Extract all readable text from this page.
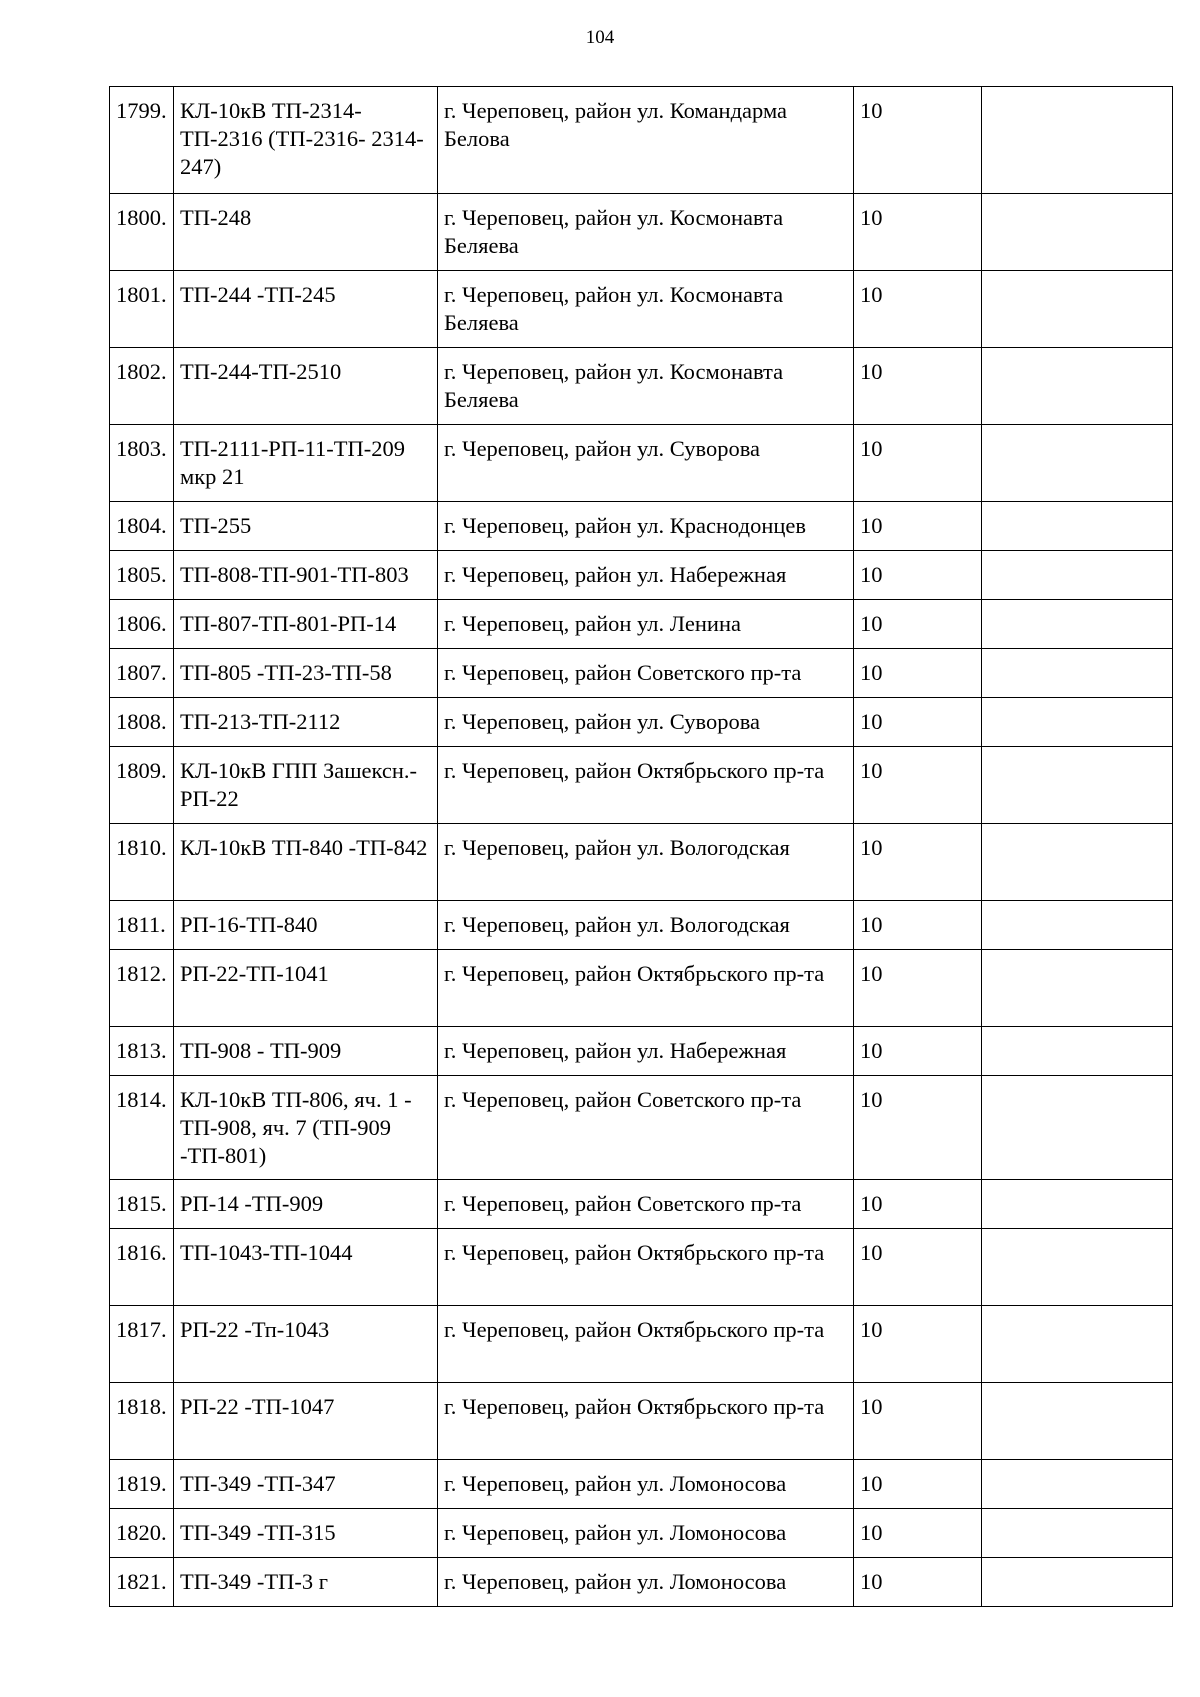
104
1799.	КЛ-10кВ ТП-2314-ТП-2316 (ТП-2316- 2314-247)	г. Череповец, район ул. Командарма Белова	10	
1800.	ТП-248	г. Череповец, район ул. Космонавта Беляева	10	
1801.	ТП-244 -ТП-245	г. Череповец, район ул. Космонавта Беляева	10	
1802.	ТП-244-ТП-2510	г. Череповец, район ул. Космонавта Беляева	10	
1803.	ТП-2111-РП-11-ТП-209 мкр 21	г. Череповец, район ул. Суворова	10	
1804.	ТП-255	г. Череповец, район ул. Краснодонцев	10	
1805.	ТП-808-ТП-901-ТП-803	г. Череповец, район ул. Набережная	10	
1806.	ТП-807-ТП-801-РП-14	г. Череповец, район ул. Ленина	10	
1807.	ТП-805 -ТП-23-ТП-58	г. Череповец, район Советского пр-та	10	
1808.	ТП-213-ТП-2112	г. Череповец, район ул. Суворова	10	
1809.	КЛ-10кВ ГПП Зашексн.-РП-22	г. Череповец, район Октябрьского пр-та	10	
1810.	КЛ-10кВ ТП-840 -ТП-842	г. Череповец, район ул. Вологодская	10	
1811.	РП-16-ТП-840	г. Череповец, район ул. Вологодская	10	
1812.	РП-22-ТП-1041	г. Череповец, район Октябрьского пр-та	10	
1813.	ТП-908 - ТП-909	г. Череповец, район ул. Набережная	10	
1814.	КЛ-10кВ ТП-806, яч. 1 - ТП-908, яч. 7 (ТП-909 -ТП-801)	г. Череповец, район Советского пр-та	10	
1815.	РП-14 -ТП-909	г. Череповец, район Советского пр-та	10	
1816.	ТП-1043-ТП-1044	г. Череповец, район Октябрьского пр-та	10	
1817.	РП-22 -Тп-1043	г. Череповец, район Октябрьского пр-та	10	
1818.	РП-22 -ТП-1047	г. Череповец, район Октябрьского пр-та	10	
1819.	ТП-349 -ТП-347	г. Череповец, район ул. Ломоносова	10	
1820.	ТП-349 -ТП-315	г. Череповец, район ул. Ломоносова	10	
1821.	ТП-349 -ТП-3 г	г. Череповец, район ул. Ломоносова	10	
